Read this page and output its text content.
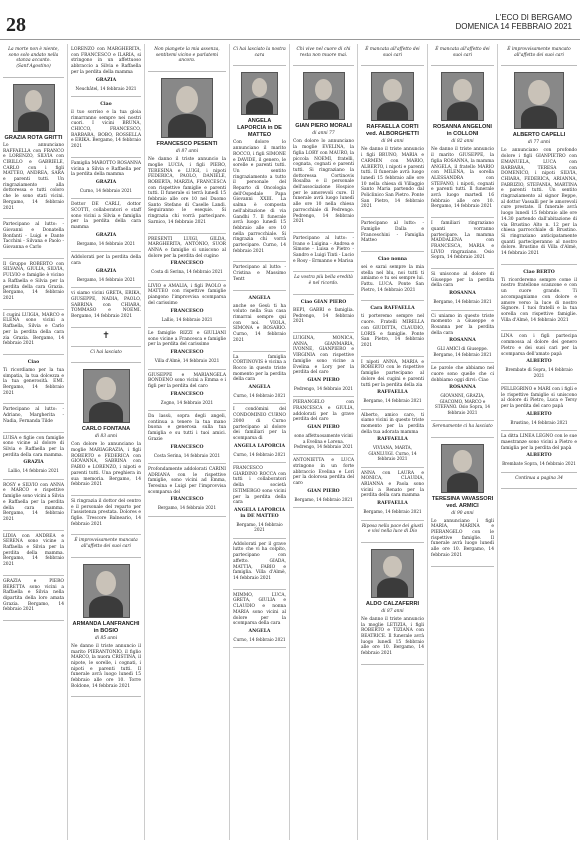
28	L'ECO DI BERGAMO
DOMENICA 14 FEBBRAIO 2021
La morte non è niente, sono solo andato nella stanza accanto. (Sant'Agostino)
GRAZIA ROTA GRITTI
Lo annunciano RAFFAELLA con FRANCO e LORENZO, SILVIA con CIRILLO e GABRIELE, CARLO con i figli MATTEO, ANDREA, SARA e parenti tutti. Un ringraziamento alla dottoressa e tutti coloro che le sono stati vicini. Bergamo, 14 febbraio 2021
Partecipano al lutto: - Giovanni e Donatella Bonfanti - Luigi e Dante Tacchini - Silvana e Paolo - Giovanna e Carlo
Il Gruppo ROBERTO con SILVANA, GIULIA, SILVIA, FULVIO e famiglie è vicino a Raffaella e Silvia per la perdita della cara Grazia. Bergamo, 14 febbraio 2021
I cugini LUIGIA, MARCO e ELENA sono vicini a Raffaella, Silvia e Carlo per la perdita della cara zia Grazia. Bergamo, 14 febbraio 2021
Ciao
Ti ricordiamo per la tua simpatia, la tua dolcezza e la tua generosità. EMI. Bergamo, 14 febbraio 2021
Partecipano al lutto: - Adriano, Margherita - Nadia, Fernanda Tilde
LUISA e figlie con famiglie sono vicine al dolore di Silvia e Raffaella per la perdita della cara mamma.
GRAZIA
Lallio, 14 febbraio 2021
ROSY e SILVIO con ANNA e MARCO e rispettive famiglie sono vicini a Silvia e Raffaella per la perdita della cara mamma. Bergamo, 14 febbraio 2021
LIDIA con ANDREA e SERENA sono vicine a Raffaella e Silvia per la perdita della mamma. Bergamo, 14 febbraio 2021
GRAZIA e PIERO BERETTA sono vicini a Raffaella e Silvia nella dipartita della loro amata Grazia. Bergamo, 14 febbraio 2021
LORENZO con MARGHERITA, con FRANCESCO e ILARIA, si stringono in un affettuoso abbraccio a Silvia e Raffaella per la perdita della mamma
GRAZIA
Neuchâtel, 14 febbraio 2021
Ciao
il tuo sorriso e la tua gioia rimarranno sempre nei nostri cuori. I vicini BRUNA, CHICCO, FRANCESCO, BARBARA, BOBO, ROSSELLA e ERIKA. Bergamo, 14 febbraio 2021
Famiglia MAROTTO ROSANNA vicina a Silvia e Raffaella per la perdita della mamma
GRAZIA
Curno, 14 febbraio 2021
Dottor DE CARLI, dottor SCOTTI, collaboratori e staff sono vicini a Silvia e famiglia per la perdita della cara mamma
GRAZIA
Bergamo, 14 febbraio 2021
Addolorati per la perdita della cara
GRAZIA
Bergamo, 14 febbraio 2021
vi siamo vicini GRETA, ERIKA, GIUSEPPE, NADIA, PAOLO, SABRINA con CHIARA, TOMMASO e NOEMI. Bergamo, 14 febbraio 2021
✝
Ci hai lasciato
CARLO FONTANA
di 83 anni
Con dolore lo annunciano la moglie MARIAGRAZIA, i figli ROBERTO e FEDERICA con GIOVANNA, SABRINA con FABIO e LORENZO, i nipoti e parenti tutti. Una preghiera in sua memoria. Bergamo, 14 febbraio 2021
Si ringrazia il dottor del centro e il personale del reparto per l'assistenza prestata. Dolores e figlie. Trescore Balneario, 14 febbraio 2021
È improvvisamente mancata all'affetto dei suoi cari
ARMANDA LANFRANCHI in BOSIO
di 85 anni
Ne danno il triste annuncio il marito PIERANTONIO, il figlio MARCO, la nuora CRISTINA, il nipote, le sorelle, i cognati, i nipoti e parenti tutti. Il funerale avrà luogo lunedì 15 febbraio alle ore 10. Torre Boldone, 14 febbraio 2021
Non piangete la mia assenza, sentitemi vicino e parlatemi ancora.
FRANCESCO PESENTI
di 87 anni
Ne danno il triste annuncio la moglie LUCIA, i figli PIERO, TERESINA e LUIGI, i nipoti FEDERICA, PAOLO, DANIELE, ROBERTA, MARZIA, FRANCESCA con rispettive famiglie e parenti tutti. Il funerale si terrà lunedì 15 febbraio alle ore 10 nel Duomo Santo Stefano di Caselle Landi. Seguiranno le esequie. Si ringrazia chi vorrà partecipare. Sarnico, 14 febbraio 2021
PRESENTI LUIGI, GILDA, MARGHERITA, ANTONIO, SUOR ANNA e famiglie si uniscono al dolore per la perdita del cugino
FRANCESCO
Costa di Serina, 14 febbraio 2021
LIVIO e AMALIA, i figli PAOLO e MATTEO con rispettive famiglie piangono l'improvvisa scomparsa del carissimo
FRANCESCO
Lallio, 14 febbraio 2021
Le famiglie RIZZI e GIULIANI sono vicine a Francesca e famiglie per la perdita del carissimo
FRANCESCO
Villa d'Almè, 14 febbraio 2021
GIUSEPPE e MARIANGELA BONDENO sono vicini a Emma e i figli per la perdita del caro
FRANCESCO
Zogno, 14 febbraio 2021
Da lassù, sopra degli angeli, continua a tenere la tua mano buona e generosa sulla tua famiglia e su tutti i tuoi amici. Grazie
FRANCESCO
Costa Serina, 14 febbraio 2021
Profondamente addolorati CARINI ADRIANA con le rispettive famiglie, sono vicini ad Emma, Teresina e Luigi per l'improvvisa scomparsa del
FRANCESCO
Bergamo, 14 febbraio 2021
Ci hai lasciato la nostra cara
ANGELA LAPORCIA in DE MATTEO
Con dolore lo annunciano il marito ROCCO, i figli SIMONE e DAVIDE, il genero, le sorelle e parenti tutti. Un sentito ringraziamento a tutto il personale del Reparto di Oncologia dell'Ospedale Papa Giovanni XXIII. La salma è composta nell'abitazione di via Gandhi 7. Il funerale avrà luogo lunedì 15 febbraio alle ore 10 nella parrocchiale. Si ringrazia chi vorrà partecipare. Curno, 14 febbraio 2021
Partecipano al lutto: - Cristina e Massimo Tentt
ANGELA
anche se Gesù ti ha voluto nella Sua casa rimarrai sempre qui con noi. VIOLA, SIMONA e ROSARIO. Curno, 14 febbraio 2021
La famiglia CORTINOVIS è vicina a Rocco in questo triste momento per la perdita della cara
ANGELA
Curno, 14 febbraio 2021
I condòmini del CONDOMINIO CURNO 2000 di Curno partecipano al dolore dei familiari per la scomparsa di
ANGELA LAPORCIA
Curno, 14 febbraio 2021
FRANCESCO GIARDINO ROCCA con tutti i collaboratori della società ISTIMERGO sono vicini per la perdita della cara
ANGELA LAPORCIA in DE MATTEO
Bergamo, 14 febbraio 2021
Addolorati per il grave lutto che vi ha colpito, partecipano con affetto. GIADA, MATTIA, FABIO e famiglia. Villa d'Almè, 14 febbraio 2021
MIMMO, LUCA, GRETA, GIULIA e CLAUDIO e nonna MARIA sono vicini al dolore per la scomparsa della cara
ANGELA
Curno, 14 febbraio 2021
Chi vive nel cuore di chi resta non muore mai.
GIAN PIERO MORALI
di anni 77
Con dolore lo annunciano la moglie EVELINA, la figlia LORY con MAURO, la piccola NOEMI, fratelli, cognata, cognati e parenti tutti. Si ringraziano la dottoressa Cortinovis Rosalba e il personale dell'associazione Hospice per le amorevoli cure. Il funerale avrà luogo lunedì alle ore 10 nella chiesa parrocchiale di Pedrengo. Pedrengo, 14 febbraio 2021
Partecipano al lutto: - Ivano e Luigina - Andrea e Simone - Luisa e Pietro - Sandro e Luigi Tinti - Lucio e Rosy - Ermanno e Marisa
La vostra più bella eredità è nel ricordo.
Ciao GIAN PIERO
BEPI, GABRI e famiglia. Pedrengo, 14 febbraio 2021
LUIGINA, MONICA, ANNA, GIANMARIA, IVONNE, GIANPIERO e VIRGINIA con rispettive famiglie sono vicine a Evelina e Lory per la perdita del caro
GIAN PIERO
Pedrengo, 14 febbraio 2021
PIERANGELO con FRANCESCA e GIULIA, addolorati per la grave perdita del caro
GIAN PIERO
sono affettuosamente vicini a Evelina e Lorena. Pedrengo, 14 febbraio 2021
ANTONIETTA e LUCA stringono in un forte abbraccio Evelina e Lori per la dolorosa perdita del caro
GIAN PIERO
Bergamo, 14 febbraio 2021
È mancata all'affetto dei suoi cari
RAFFAELLA CORTI ved. ALBORGHETTI
di 84 anni
Ne danno il triste annuncio i figli BRUNO, MARIA e CARMEN con MARIO, ALBERTO, i nipoti e parenti tutti. Il funerale avrà luogo lunedì 15 febbraio alle ore 10 nella chiesa di Villaggio Santo Maria partendo dal Policlinico San Pietro. Ponte San Pietro, 14 febbraio 2021
Partecipano al lutto: - Famiglie Dalla e Franceschini - Famiglia Matteo
Ciao nonna
sei e sarai sempre la mia stella nel blu, noi tutti ti amiamo e tu sei sempre lui. Fattu. LUCA. Ponte San Pietro, 14 febbraio 2021
Cara RAFFAELLA
ti porteremo sempre nel cuore. Fratelli MIRELLA con GIUDITTA, CLAUDIO, LORIS e famiglie. Ponte San Pietro, 14 febbraio 2021
I nipoti ANNA, MARIA e ROBERTO con le rispettive famiglie partecipano al dolore dei cugini e parenti tutti per la perdita della zia
RAFFAELLA
Bergamo, 14 febbraio 2021
Alberto, amico caro, ti siamo vicini in questo triste momento per la perdita della tua adorata mamma
RAFFAELLA
VIVIANA, MARTA, GIANLUIGI. Curno, 14 febbraio 2021
ANNA con LAURA e MONICA, CLAUDIA, ARIANNA e Paola sono vicini a Renato per la perdita della cara mamma
RAFFAELLA
Bergamo, 14 febbraio 2021
Riposa nella pace dei giusti e vivi nella luce di Dio
ALDO CALZAFERRI
di 87 anni
Ne danno il triste annuncio la moglie LETIZIA, i figli ROBERTO e TIZIANA con BEATRICE. Il funerale avrà luogo lunedì 15 febbraio alle ore 10. Bergamo, 14 febbraio 2021
È mancata all'affetto dei suoi cari
ROSANNA ANGELONI in COLLONI
di 82 anni
Ne danno il triste annuncio il marito GIUSEPPE, la figlia ROSANNA, la mamma ANGELA, il fratello MARIO con MILENA, la sorella ALESSANDRA con STEFANO, i nipoti, cognati e parenti tutti. Il funerale avrà luogo martedì 16 febbraio alle ore 10. Bergamo, 14 febbraio 2021
I familiari ringraziano quanti vorranno partecipare. La mamma MADDALENA con FRANCESCA, MARIA e LIVIO ringraziano. Osio Sopra, 14 febbraio 2021
Si uniscono al dolore di Giuseppe per la perdita della cara
ROSANNA
Bergamo, 14 febbraio 2021
Ci uniamo in questo triste momento a Giuseppe e Rosanna per la perdita della cara
ROSANNA
GLI AMICI di Giuseppe. Bergamo, 14 febbraio 2021
Le parole che abbiamo nel cuore sono quelle che ci dobbiamo oggi dirvi: Ciao
ROSANNA
GIOVANNI, GRAZIA, GIACOMO, MARCO e STEFANO. Osio Sopra, 14 febbraio 2021
Serenamente ci ha lasciato
TERESINA VAVASSORI ved. ARMICI
di 90 anni
Lo annunciano i figli MARIA, MARINA e PIERANGELO con le rispettive famiglie. Il funerale avrà luogo lunedì alle ore 10. Bergamo, 14 febbraio 2021
È improvvisamente mancato all'affetto dei suoi cari
ALBERTO CAPELLI
di 77 anni
Lo annunciano con profondo dolore i figli GIANPIETRO con EMANUELA, LUCA con BARBARA, TERESA con DOMENICO, i nipoti SILVIA, CHIARA, FEDERICA, ARIANNA, FABRIZIO, STEFANIA, MARTINA e parenti tutti. Un sentito ringraziamento al signor Beppe, al dottor Vassalli per le amorevoli cure prestate. Il funerale avrà luogo lunedì 15 febbraio alle ore 14.30 partendo dall'abitazione di via Brustino Alto n. 12 per la chiesa parrocchiale di Brustino. Si ringraziano anticipatamente quanti parteciperanno al nostro dolore. Brustino di Villa d'Almè, 14 febbraio 2021
Ciao BERTO
Ti ricorderemo sempre come il nostro fratellone scanzone e con un cuore grande. Ti accompagniamo con dolore e amore verso la luce di nostro Signore. I tuoi fratelli e la tua sorella con rispettive famiglie. Villa d'Almè, 14 febbraio 2021
LINA con i figli partecipa commossa al dolore dei genero Pietro e dei suoi cari per la scomparsa dell'amato papà
ALBERTO
Brembate di Sopra, 14 febbraio 2021
PELLEGRINO e MARI con i figli e le rispettive famiglie si uniscono al dolore di Pietro, Luca e Tersy per la perdita del caro papà
ALBERTO
Brustino, 14 febbraio 2021
La ditta LINEA LEGNO con le sue maestranze sono vicini a Pietro e famiglia per la perdita del papà
ALBERTO
Brembate Sopra, 14 febbraio 2021
Continua a pagina 34
